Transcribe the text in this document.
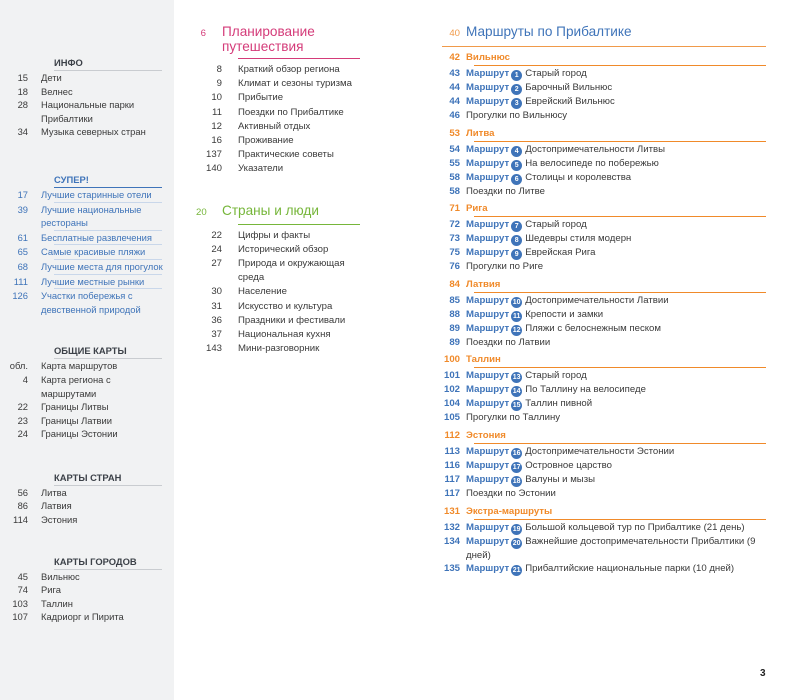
ИНФО
15	Дети
18	Велнес
28	Национальные парки Прибалтики
34	Музыка северных стран
СУПЕР!
17	Лучшие старинные отели
39	Лучшие национальные рестораны
61	Бесплатные развлечения
65	Самые красивые пляжи
68	Лучшие места для прогулок
111	Лучшие местные рынки
126	Участки побережья с девственной природой
ОБЩИЕ КАРТЫ
обл.	Карта маршрутов
4	Карта региона с маршрутами
22	Границы Литвы
23	Границы Латвии
24	Границы Эстонии
КАРТЫ СТРАН
56	Литва
86	Латвия
114	Эстония
КАРТЫ ГОРОДОВ
45	Вильнюс
74	Рига
103	Таллин
107	Кадриорг и Пирита
6	Планирование путешествия
8	Краткий обзор региона
9	Климат и сезоны туризма
10	Прибытие
11	Поездки по Прибалтике
12	Активный отдых
16	Проживание
137	Практические советы
140	Указатели
20	Страны и люди
22	Цифры и факты
24	Исторический обзор
27	Природа и окружающая среда
30	Население
31	Искусство и культура
36	Праздники и фестивали
37	Национальная кухня
143	Мини-разговорник
40 Маршруты по Прибалтике
42 Вильнюс
43 Маршрут 1 Старый город
44 Маршрут 2 Барочный Вильнюс
44 Маршрут 3 Еврейский Вильнюс
46 Прогулки по Вильнюсу
53 Литва
54 Маршрут 4 Достопримечательности Литвы
55 Маршрут 5 На велосипеде по побережью
58 Маршрут 6 Столицы и королевства
58 Поездки по Литве
71 Рига
72 Маршрут 7 Старый город
73 Маршрут 8 Шедевры стиля модерн
75 Маршрут 9 Еврейская Рига
76 Прогулки по Риге
84 Латвия
85 Маршрут 10 Достопримечательности Латвии
88 Маршрут 11 Крепости и замки
89 Маршрут 12 Пляжи с белоснежным песком
89 Поездки по Латвии
100 Таллин
101 Маршрут 13 Старый город
102 Маршрут 14 По Таллину на велосипеде
104 Маршрут 15 Таллин пивной
105 Прогулки по Таллину
112 Эстония
113 Маршрут 16 Достопримечательности Эстонии
116 Маршрут 17 Островное царство
117 Маршрут 18 Валуны и мызы
117 Поездки по Эстонии
131 Экстра-маршруты
132 Маршрут 19 Большой кольцевой тур по Прибалтике (21 день)
134 Маршрут 20 Важнейшие достопримечательности Прибалтики (9 дней)
135 Маршрут 21 Прибалтийские национальные парки (10 дней)
3
